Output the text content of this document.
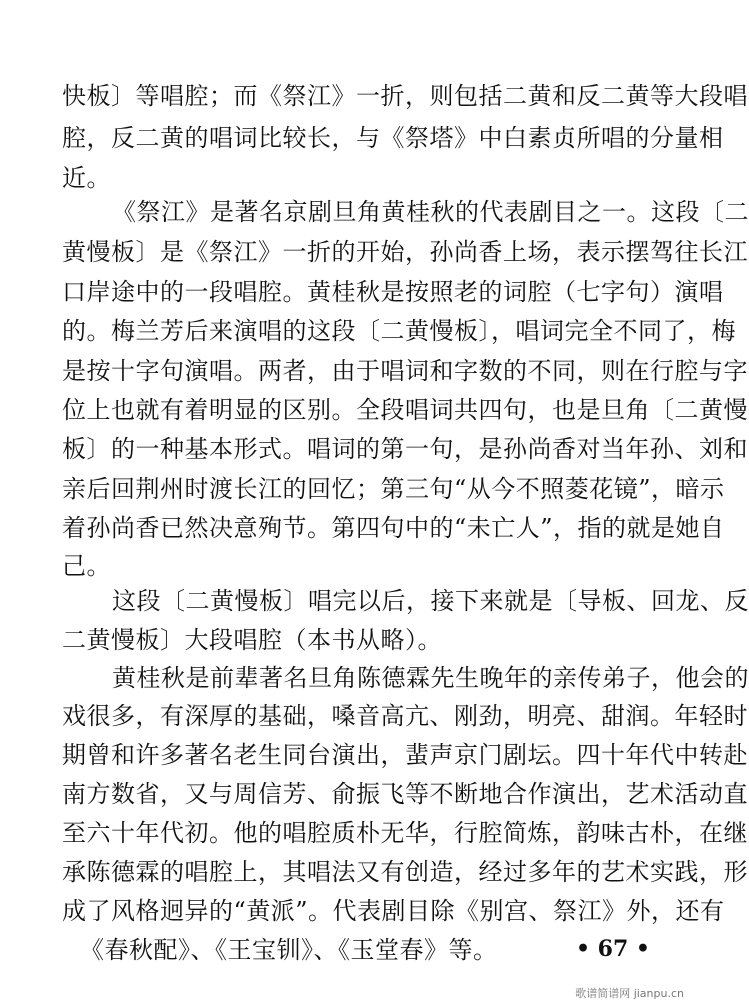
快板〕等唱腔；而《祭江》一折，则包括二黄和反二黄等大段唱
腔，反二黄的唱词比较长，与《祭塔》中白素贞所唱的分量相
近。
《祭江》是著名京剧旦角黄桂秋的代表剧目之一。这段〔二
黄慢板〕是《祭江》一折的开始，孙尚香上场，表示摆驾往长江
口岸途中的一段唱腔。黄桂秋是按照老的词腔（七字句）演唱
的。梅兰芳后来演唱的这段〔二黄慢板〕，唱词完全不同了，梅
是按十字句演唱。两者，由于唱词和字数的不同，则在行腔与字
位上也就有着明显的区别。全段唱词共四句，也是旦角〔二黄慢
板〕的一种基本形式。唱词的第一句，是孙尚香对当年孙、刘和
亲后回荆州时渡长江的回忆；第三句“从今不照菱花镜”，暗示
着孙尚香已然决意殉节。第四句中的“未亡人”，指的就是她自
己。
这段〔二黄慢板〕唱完以后，接下来就是〔导板、回龙、反
二黄慢板〕大段唱腔（本书从略）。
黄桂秋是前辈著名旦角陈德霖先生晚年的亲传弟子，他会的
戏很多，有深厚的基础，嗓音高亢、刚劲，明亮、甜润。年轻时
期曾和许多著名老生同台演出，蜚声京门剧坛。四十年代中转赴
南方数省，又与周信芳、俞振飞等不断地合作演出，艺术活动直
至六十年代初。他的唱腔质朴无华，行腔简炼，韵味古朴，在继
承陈德霖的唱腔上，其唱法又有创造，经过多年的艺术实践，形
成了风格迥异的“黄派”。代表剧目除《别宫、祭江》外，还有
《春秋配》、《王宝钏》、《玉堂春》等。	• 67 •
歌谱简谱网 jianpu.cn
